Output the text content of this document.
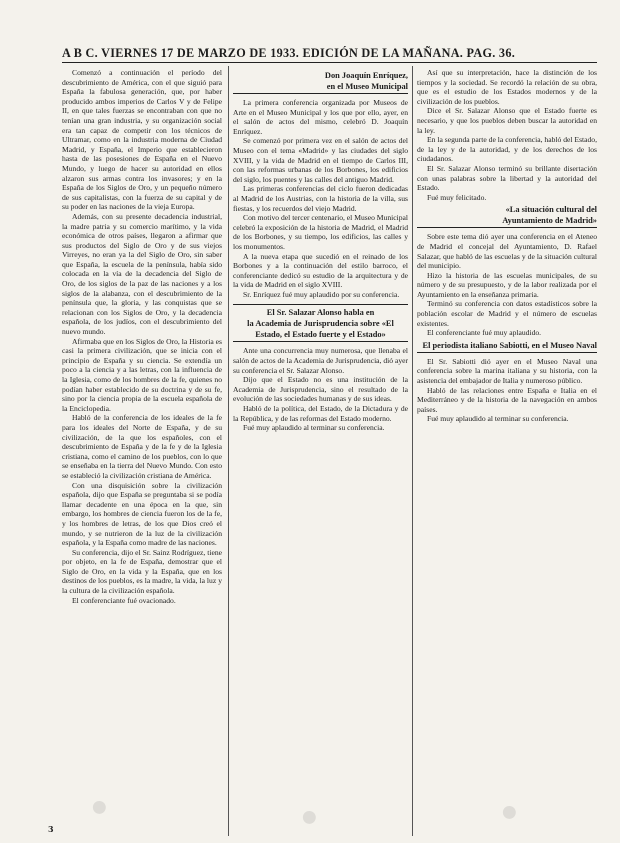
A B C. VIERNES 17 DE MARZO DE 1933. EDICIÓN DE LA MAÑANA. PAG. 36.

Comenzó a continuación el período del descubrimiento de América, con el que siguió para España la fabulosa generación, que, por haber producido ambos imperios de Carlos V y de Felipe II, en que tales fuerzas se encontraban con que no tenían una gran industria, y su organización social era tan capaz de competir con los técnicos de Ultramar, como en la industria moderna de Ciudad Madrid, y España, el Imperio que establecieron hasta de las posesiones de España en el Nuevo Mundo, y luego de hacer su autoridad en ellos alzaron sus armas contra los invasores; y en la España de los Siglos de Oro, y un pequeño número de sus capitalistas, con la fuerza de su capital y de su poder en las naciones de la vieja Europa.

Además, con su presente decadencia industrial, la madre patria y su comercio marítimo, y la vida económica de otros países, llegaron a afirmar que sus productos del Siglo de Oro y de sus viejos Virreyes, no eran ya la del Siglo de Oro, sin saber que España, la escuela de la península, había sido colocada en la vía de la decadencia del Siglo de Oro, de los siglos de la paz de las naciones y a los siglos de la alabanza, con el descubrimiento de la península que, la gloria, y las conquistas que se relacionan con los Siglos de Oro, y la decadencia española, de los judíos, con el descubrimiento del nuevo mundo.

Afirmaba que en los Siglos de Oro, la Historia es casi la primera civilización, que se inicia con el principio de España y su ciencia. Se extendía un poco a la ciencia y a las letras, con la influencia de la Iglesia, como de los hombres de la fe, quienes no podían haber establecido de su doctrina y de su fe, sino por la ciencia propia de la escuela española de la Enciclopedia.

Habló de la conferencia de los ideales de la fe para los ideales del Norte de España, y de su civilización, de la que los españoles, con el descubrimiento de España y de la fe y de la Iglesia cristiana, como el camino de los pueblos, con lo que se enseñaba en la tierra del Nuevo Mundo. Con esto se estableció la civilización cristiana de América.

Con una disquisición sobre la civilización española, dijo que España se preguntaba si se podía llamar decadente en una época en la que, sin embargo, los hombres de ciencia fueron los de la fe, y los hombres de letras, de los que Dios creó el mundo, y se nutrieron de la luz de la civilización española, y la España como madre de las naciones.

Su conferencia, dijo el Sr. Sainz Rodríguez, tiene por objeto, en la fe de España, demostrar que el Siglo de Oro, en la vida y la España, que en los destinos de los pueblos, es la madre, la vida, la luz y la cultura de la civilización española.

El conferenciante fué ovacionado.

Don Joaquín Enríquez,
en el Museo Municipal

La primera conferencia organizada por Museos de Arte en el Museo Municipal y los que por ello, ayer, en el salón de actos del mismo, celebró D. Joaquín Enríquez.

Se comenzó por primera vez en el salón de actos del Museo con el tema «Madrid» y las ciudades del siglo XVIII, y la vida de Madrid en el tiempo de Carlos III, con las reformas urbanas de los Borbones, los edificios del siglo, los puentes y las calles del antiguo Madrid.

Las primeras conferencias del ciclo fueron dedicadas al Madrid de los Austrias, con la historia de la villa, sus fiestas, y los recuerdos del viejo Madrid.

Con motivo del tercer centenario, el Museo Municipal celebró la exposición de la historia de Madrid, el Madrid de los Borbones, y su tiempo, los edificios, las calles y los monumentos.

A la nueva etapa que sucedió en el reinado de los Borbones y a la continuación del estilo barroco, el conferenciante dedicó su estudio de la arquitectura y de la vida de Madrid en el siglo XVIII.

Sr. Enríquez fué muy aplaudido por su conferencia.

El Sr. Salazar Alonso habla en
la Academia de Jurisprudencia sobre «El Estado, el Estado fuerte y el Estado»

Ante una concurrencia muy numerosa, que llenaba el salón de actos de la Academia de Jurisprudencia, dió ayer su conferencia el Sr. Salazar Alonso.

Dijo que el Estado no es una institución de la Academia de Jurisprudencia, sino el resultado de la evolución de las sociedades humanas y de sus ideas.

Habló de la política, del Estado, de la Dictadura y de la República, y de las reformas del Estado moderno.

Fué muy aplaudido al terminar su conferencia.

Así que su interpretación, hace la distinción de los tiempos y la sociedad. Se recordó la relación de su obra, que es el estudio de los Estados modernos y de la civilización de los pueblos.

Dice el Sr. Salazar Alonso que el Estado fuerte es necesario, y que los pueblos deben buscar la autoridad en la ley.

En la segunda parte de la conferencia, habló del Estado, de la ley y de la autoridad, y de los derechos de los ciudadanos.

El Sr. Salazar Alonso terminó su brillante disertación con unas palabras sobre la libertad y la autoridad del Estado.

Fué muy felicitado.

«La situación cultural del
Ayuntamiento de Madrid»

Sobre este tema dió ayer una conferencia en el Ateneo de Madrid el concejal del Ayuntamiento, D. Rafael Salazar, que habló de las escuelas y de la situación cultural del municipio.

Hizo la historia de las escuelas municipales, de su número y de su presupuesto, y de la labor realizada por el Ayuntamiento en la enseñanza primaria.

Terminó su conferencia con datos estadísticos sobre la población escolar de Madrid y el número de escuelas existentes.

El conferenciante fué muy aplaudido.

El periodista italiano Sabiotti, en el Museo Naval

El Sr. Sabiotti dió ayer en el Museo Naval una conferencia sobre la marina italiana y su historia, con la asistencia del embajador de Italia y numeroso público.

Habló de las relaciones entre España e Italia en el Mediterráneo y de la historia de la navegación en ambos países.

Fué muy aplaudido al terminar su conferencia.

3
●	●	●
